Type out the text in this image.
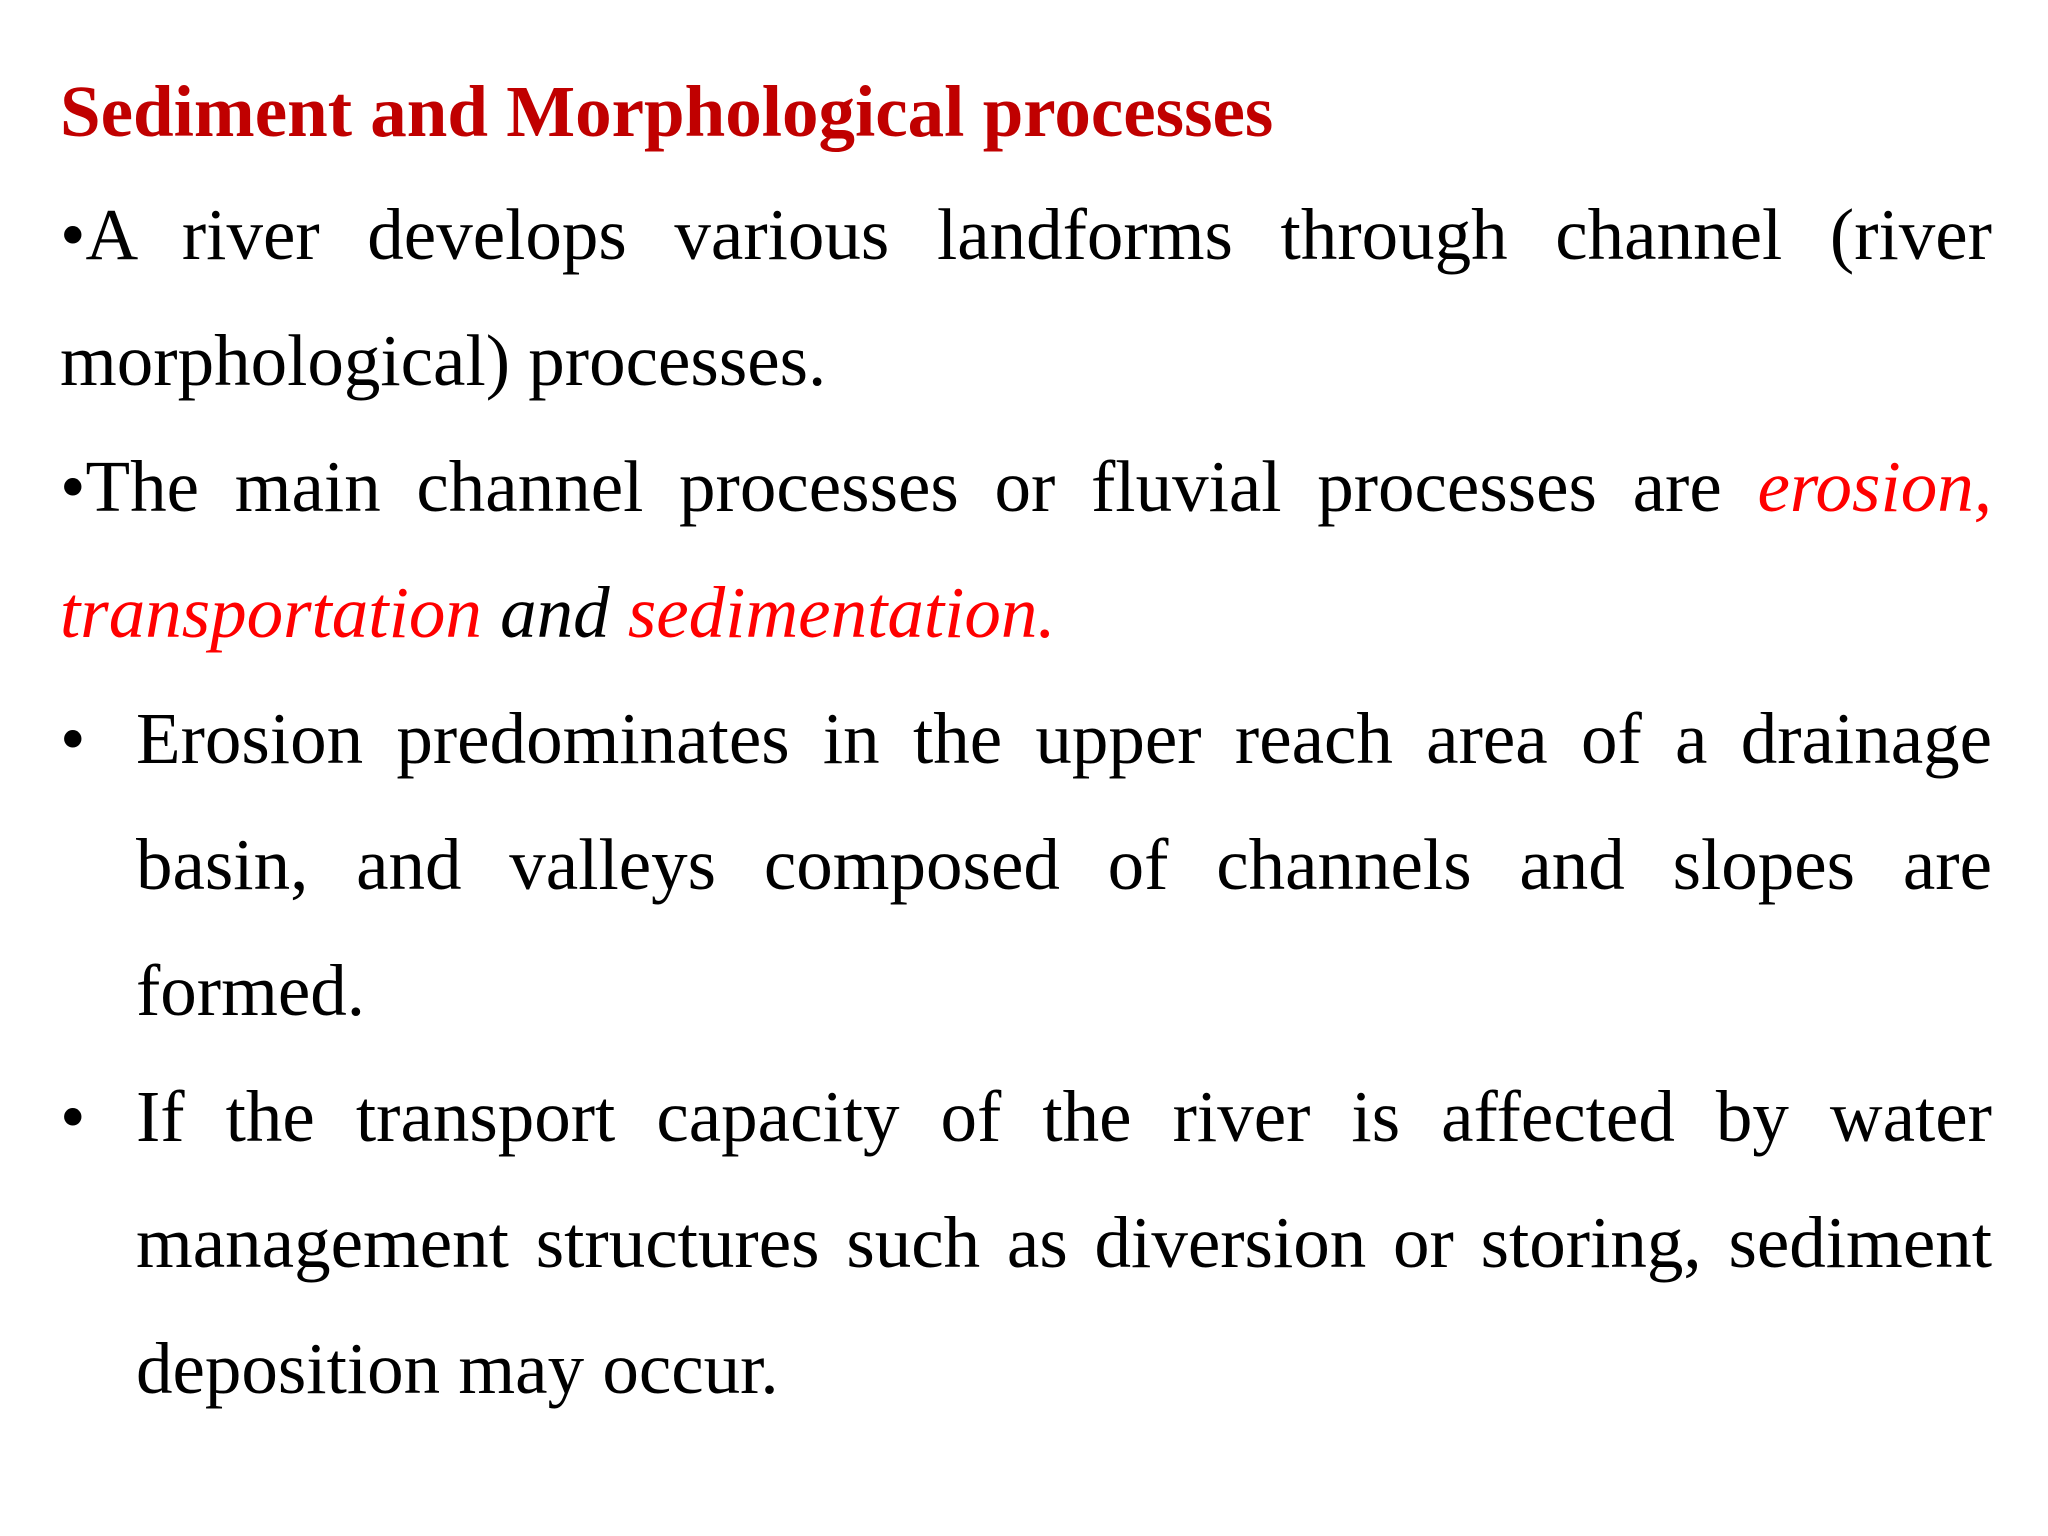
Sediment and Morphological processes
•A river develops various landforms through channel (river morphological) processes.
•The main channel processes or fluvial processes are erosion, transportation and sedimentation.
• Erosion predominates in the upper reach area of a drainage basin, and valleys composed of channels and slopes are formed.
• If the transport capacity of the river is affected by water management structures such as diversion or storing, sediment deposition may occur.
